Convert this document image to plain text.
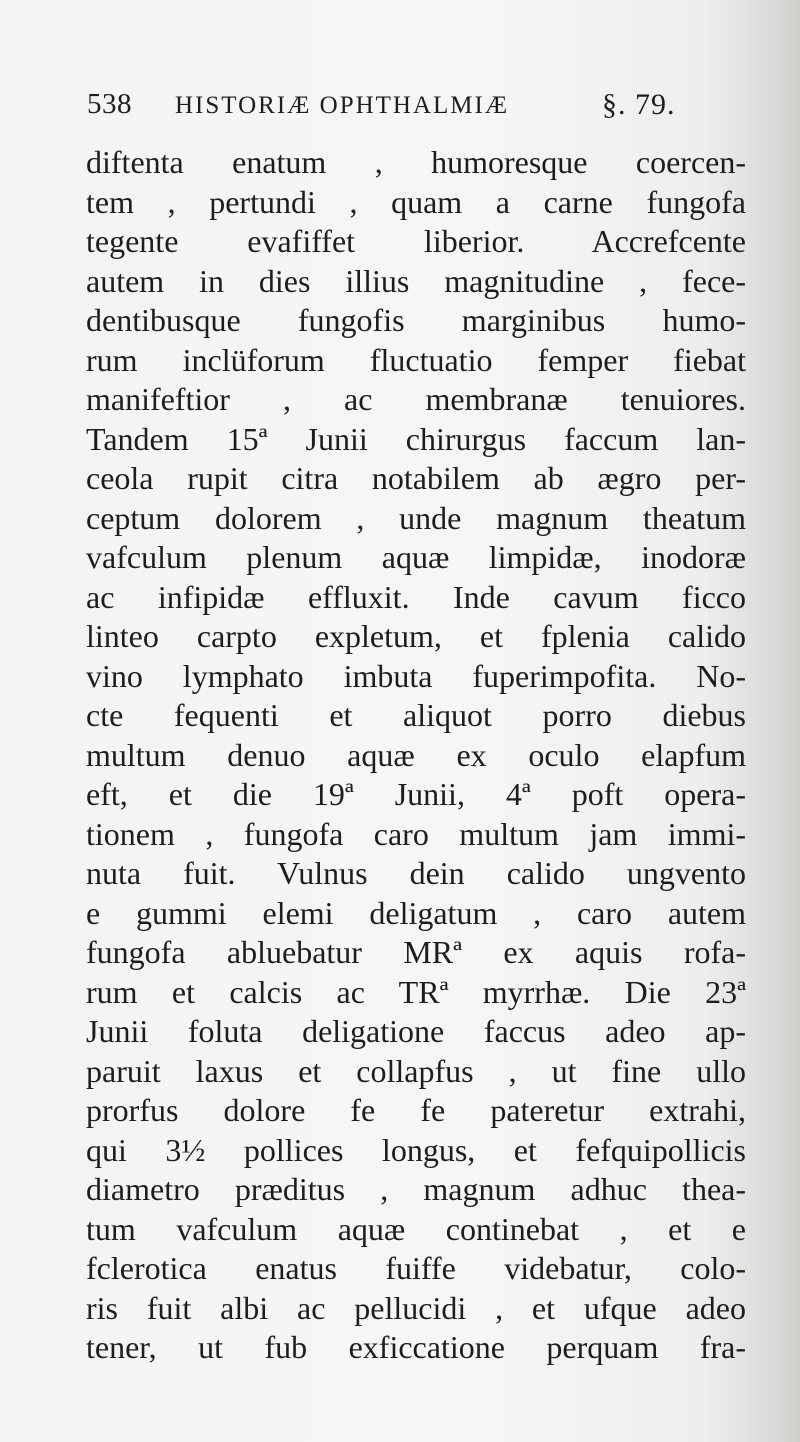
538 HISTORIÆ OPHTHALMIÆ	§. 79.
diftenta enatum , humoresque coercen-
tem , pertundi , quam a carne fungofa
tegente evafiffet liberior. Accrefcente
autem in dies illius magnitudine , fece-
dentibusque fungofis marginibus humo-
rum inclüforum fluctuatio femper fiebat
manifeftior , ac membranæ tenuiores.
Tandem 15ª Junii chirurgus faccum lan-
ceola rupit citra notabilem ab ægro per-
ceptum dolorem , unde magnum theatum
vafculum plenum aquæ limpidæ, inodoræ
ac infipidæ effluxit. Inde cavum ficco
linteo carpto expletum, et fplenia calido
vino lymphato imbuta fuperimpofita. No-
cte fequenti et aliquot porro diebus
multum denuo aquæ ex oculo elapfum
eft, et die 19ª Junii, 4ª poft opera-
tionem , fungofa caro multum jam immi-
nuta fuit. Vulnus dein calido ungvento
e gummi elemi deligatum , caro autem
fungofa abluebatur MRª ex aquis rofa-
rum et calcis ac TRª myrrhæ. Die 23ª
Junii foluta deligatione faccus adeo ap-
paruit laxus et collapfus , ut fine ullo
prorfus dolore fe fe pateretur extrahi,
qui 3½ pollices longus, et fefquipollicis
diametro præditus , magnum adhuc thea-
tum vafculum aquæ continebat , et e
fclerotica enatus fuiffe videbatur, colo-
ris fuit albi ac pellucidi , et ufque adeo
tener, ut fub exficcatione perquam fra-
